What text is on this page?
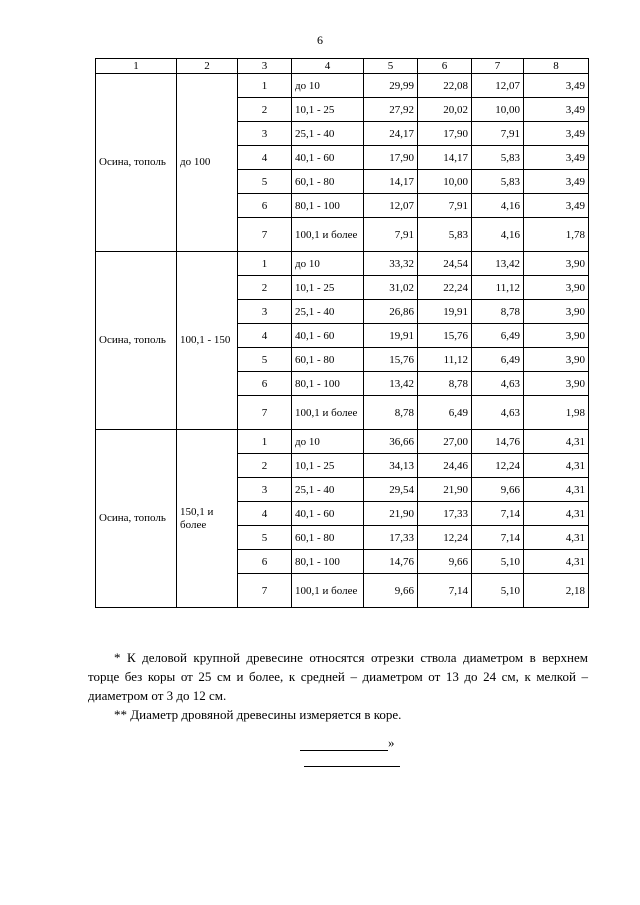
6
1	2	3	4	5	6	7	8
Осина, тополь	до 100	1	до 10	29,99	22,08	12,07	3,49
		2	10,1 - 25	27,92	20,02	10,00	3,49
		3	25,1 - 40	24,17	17,90	7,91	3,49
		4	40,1 - 60	17,90	14,17	5,83	3,49
		5	60,1 - 80	14,17	10,00	5,83	3,49
		6	80,1 - 100	12,07	7,91	4,16	3,49
		7	100,1 и более	7,91	5,83	4,16	1,78
Осина, тополь	100,1 - 150	1	до 10	33,32	24,54	13,42	3,90
		2	10,1 - 25	31,02	22,24	11,12	3,90
		3	25,1 - 40	26,86	19,91	8,78	3,90
		4	40,1 - 60	19,91	15,76	6,49	3,90
		5	60,1 - 80	15,76	11,12	6,49	3,90
		6	80,1 - 100	13,42	8,78	4,63	3,90
		7	100,1 и более	8,78	6,49	4,63	1,98
Осина, тополь	150,1 и более	1	до 10	36,66	27,00	14,76	4,31
		2	10,1 - 25	34,13	24,46	12,24	4,31
		3	25,1 - 40	29,54	21,90	9,66	4,31
		4	40,1 - 60	21,90	17,33	7,14	4,31
		5	60,1 - 80	17,33	12,24	7,14	4,31
		6	80,1 - 100	14,76	9,66	5,10	4,31
		7	100,1 и более	9,66	7,14	5,10	2,18

* К деловой крупной древесине относятся отрезки ствола диаметром в верхнем торце без коры от 25 см и более, к средней – диаметром от 13 до 24 см, к мелкой – диаметром от 3 до 12 см.

** Диаметр дровяной древесины измеряется в коре.

»
